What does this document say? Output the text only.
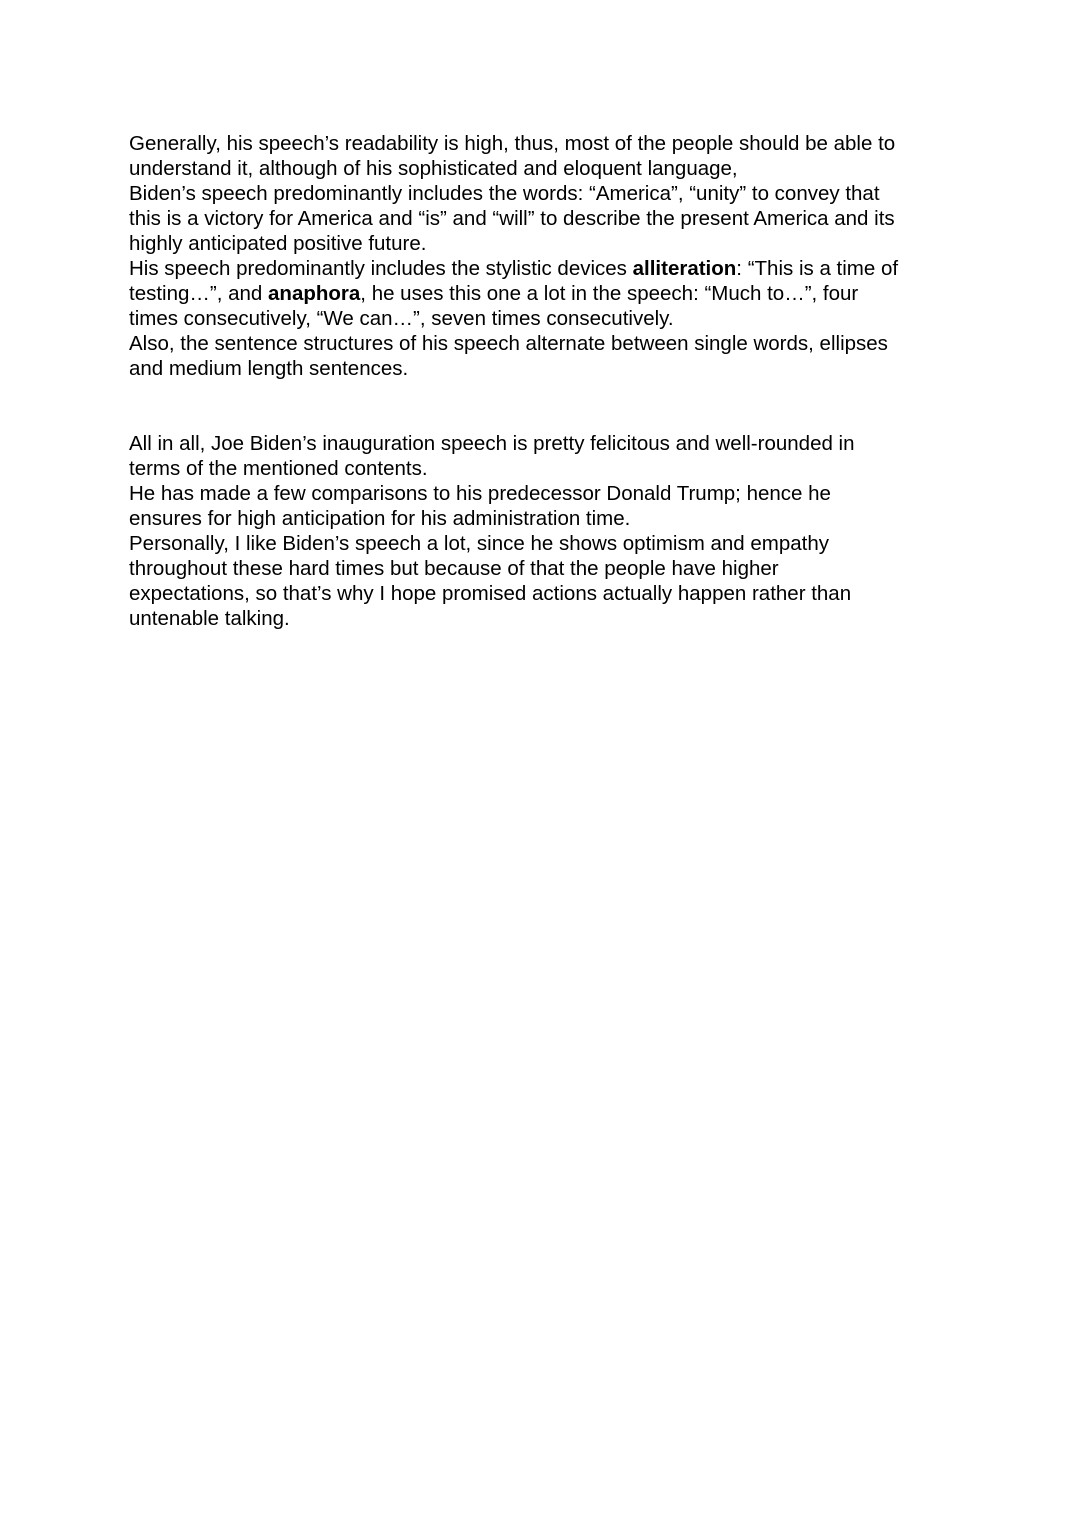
Generally, his speech’s readability is high, thus, most of the people should be able to
understand it, although of his sophisticated and eloquent language,
Biden’s speech predominantly includes the words: “America”, “unity” to convey that
this is a victory for America and “is” and “will” to describe the present America and its
highly anticipated positive future.
His speech predominantly includes the stylistic devices alliteration: “This is a time of
testing…”, and anaphora, he uses this one a lot in the speech: “Much to…”, four
times consecutively, “We can…”, seven times consecutively.
Also, the sentence structures of his speech alternate between single words, ellipses
and medium length sentences.
All in all, Joe Biden’s inauguration speech is pretty felicitous and well-rounded in
terms of the mentioned contents.
He has made a few comparisons to his predecessor Donald Trump; hence he
ensures for high anticipation for his administration time.
Personally, I like Biden’s speech a lot, since he shows optimism and empathy
throughout these hard times but because of that the people have higher
expectations, so that’s why I hope promised actions actually happen rather than
untenable talking.
